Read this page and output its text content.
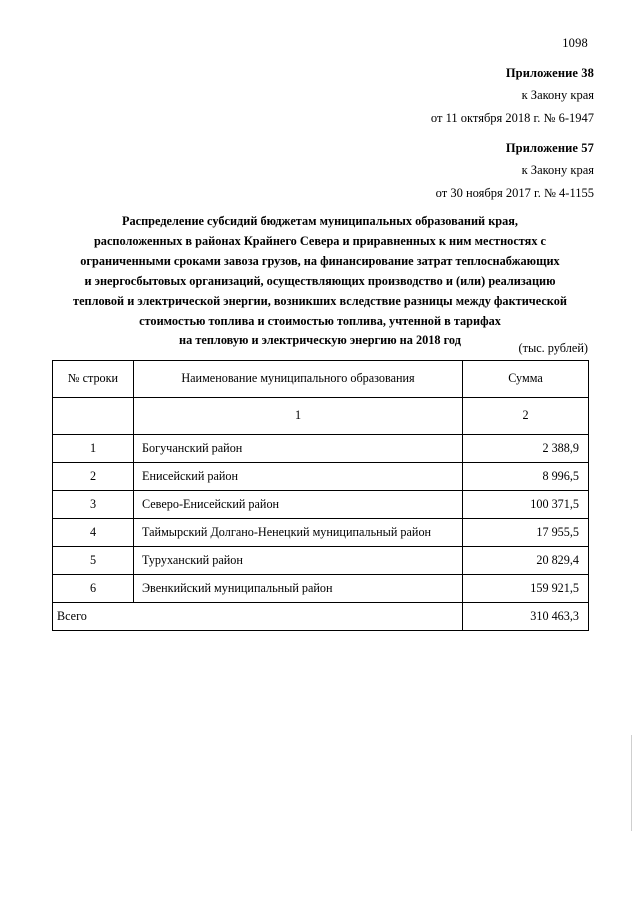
1098
Приложение 38
к Закону края
от 11 октября 2018 г. № 6-1947
Приложение 57
к Закону края
от 30 ноября 2017 г. № 4-1155
Распределение субсидий бюджетам муниципальных образований края,
расположенных в районах Крайнего Севера и приравненных к ним местностях с
ограниченными сроками завоза грузов, на финансирование затрат теплоснабжающих
и энергосбытовых организаций, осуществляющих производство и (или) реализацию
тепловой и электрической энергии, возникших вследствие разницы между фактической
стоимостью топлива и стоимостью топлива, учтенной в тарифах
на тепловую и электрическую энергию на 2018 год
(тыс. рублей)
№ строки	Наименование муниципального образования	Сумма
	1	2
1	Богучанский район	2 388,9
2	Енисейский район	8 996,5
3	Северо-Енисейский район	100 371,5
4	Таймырский Долгано-Ненецкий муниципальный район	17 955,5
5	Туруханский район	20 829,4
6	Эвенкийский муниципальный район	159 921,5
Всего		310 463,3
